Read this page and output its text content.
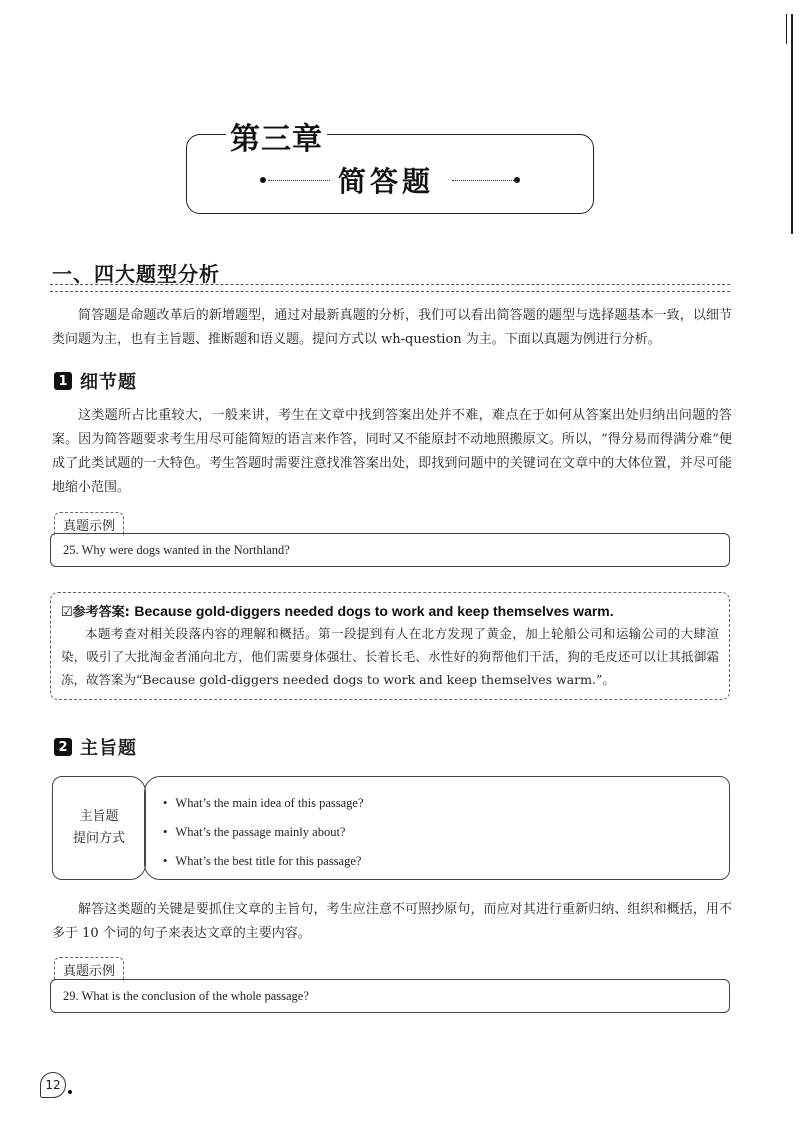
第三章
简答题
一、四大题型分析
简答题是命题改革后的新增题型，通过对最新真题的分析，我们可以看出简答题的题型与选择题基本一致，以细节类问题为主，也有主旨题、推断题和语义题。提问方式以 wh-question 为主。下面以真题为例进行分析。
1 细节题
这类题所占比重较大，一般来讲，考生在文章中找到答案出处并不难，难点在于如何从答案出处归纳出问题的答案。因为简答题要求考生用尽可能简短的语言来作答，同时又不能原封不动地照搬原文。所以，“得分易而得满分难”便成了此类试题的一大特色。考生答题时需要注意找准答案出处，即找到问题中的关键词在文章中的大体位置，并尽可能地缩小范围。
真题示例
25. Why were dogs wanted in the Northland?
☑参考答案: Because gold-diggers needed dogs to work and keep themselves warm.
本题考查对相关段落内容的理解和概括。第一段提到有人在北方发现了黄金，加上轮船公司和运输公司的大肆渲染，吸引了大批淘金者涌向北方，他们需要身体强壮、长着长毛、水性好的狗帮他们干活，狗的毛皮还可以让其抵御霜冻，故答案为“Because gold-diggers needed dogs to work and keep themselves warm.”。
2 主旨题
主旨题
提问方式
• What’s the main idea of this passage?
• What’s the passage mainly about?
• What’s the best title for this passage?
解答这类题的关键是要抓住文章的主旨句，考生应注意不可照抄原句，而应对其进行重新归纳、组织和概括，用不多于 10 个词的句子来表达文章的主要内容。
真题示例
29. What is the conclusion of the whole passage?
12
